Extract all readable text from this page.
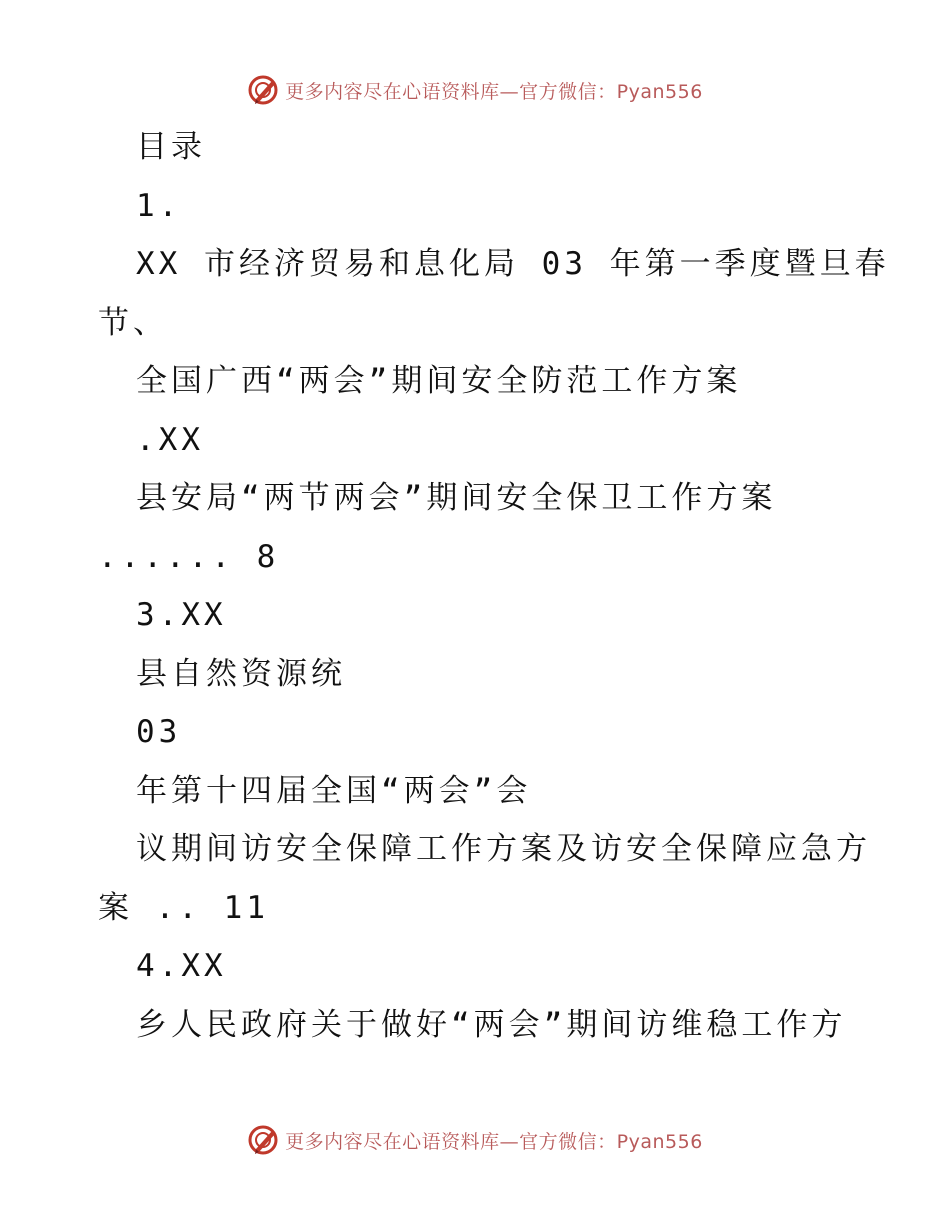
更多内容尽在心语资料库—官方微信：Pyan556
目录
1.
XX 市经济贸易和息化局 03 年第一季度暨旦春
节、
全国广西“两会”期间安全防范工作方案
.XX
县安局“两节两会”期间安全保卫工作方案
...... 8
3.XX
县自然资源统
03
年第十四届全国“两会”会
议期间访安全保障工作方案及访安全保障应急方
案 .. 11
4.XX
乡人民政府关于做好“两会”期间访维稳工作方
更多内容尽在心语资料库—官方微信：Pyan556
